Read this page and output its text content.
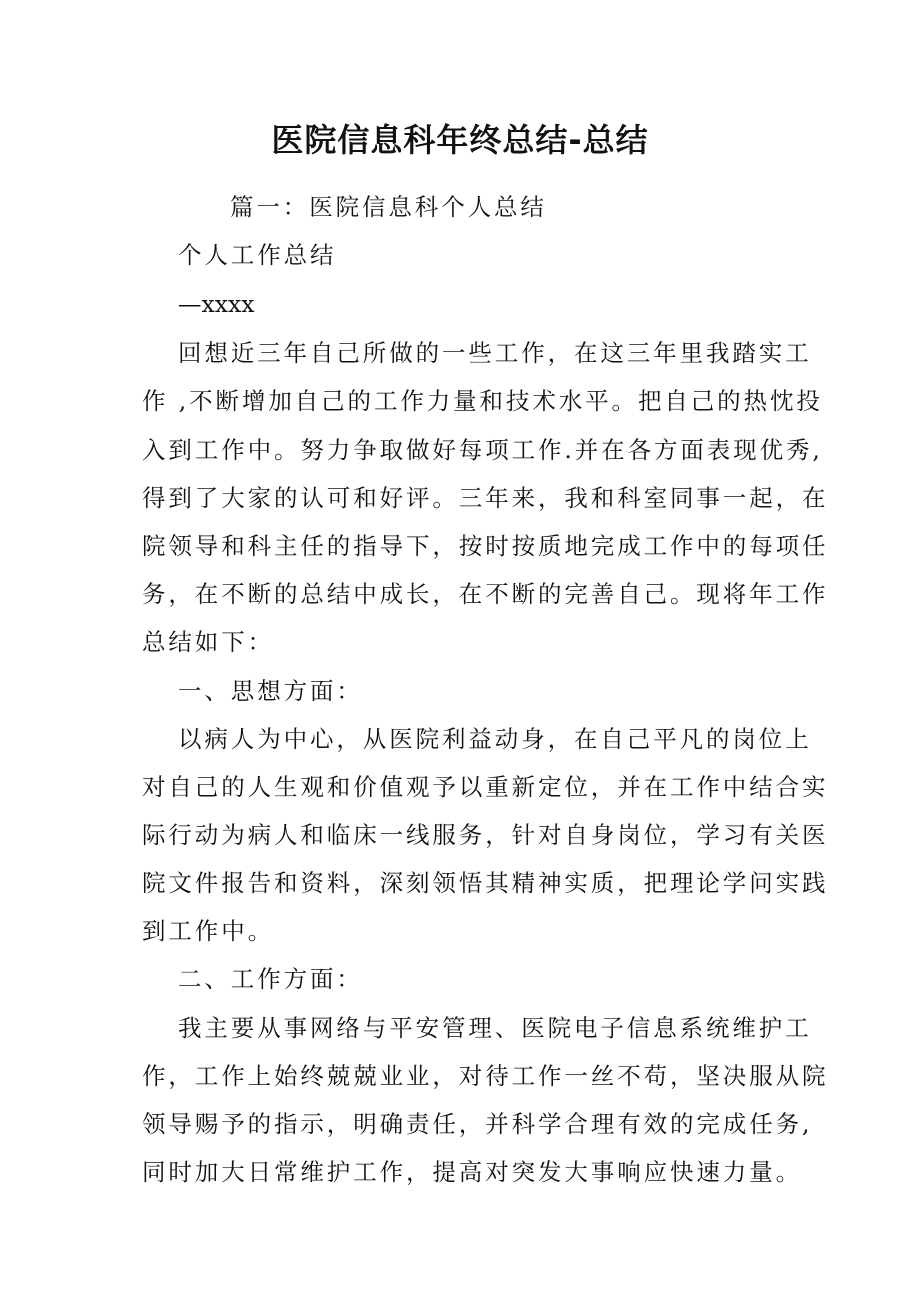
医院信息科年终总结-总结
篇一：医院信息科个人总结
个人工作总结
—xxxx
回想近三年自己所做的一些工作，在这三年里我踏实工
作 ,不断增加自己的工作力量和技术水平。把自己的热忱投
入到工作中。努力争取做好每项工作.并在各方面表现优秀,
得到了大家的认可和好评。三年来，我和科室同事一起，在
院领导和科主任的指导下，按时按质地完成工作中的每项任
务，在不断的总结中成长，在不断的完善自己。现将年工作
总结如下：
一、思想方面：
以病人为中心，从医院利益动身，在自己平凡的岗位上
对自己的人生观和价值观予以重新定位，并在工作中结合实
际行动为病人和临床一线服务，针对自身岗位，学习有关医
院文件报告和资料，深刻领悟其精神实质，把理论学问实践
到工作中。
二、工作方面：
我主要从事网络与平安管理、医院电子信息系统维护工
作，工作上始终兢兢业业，对待工作一丝不苟，坚决服从院
领导赐予的指示，明确责任，并科学合理有效的完成任务,
同时加大日常维护工作，提高对突发大事响应快速力量。
